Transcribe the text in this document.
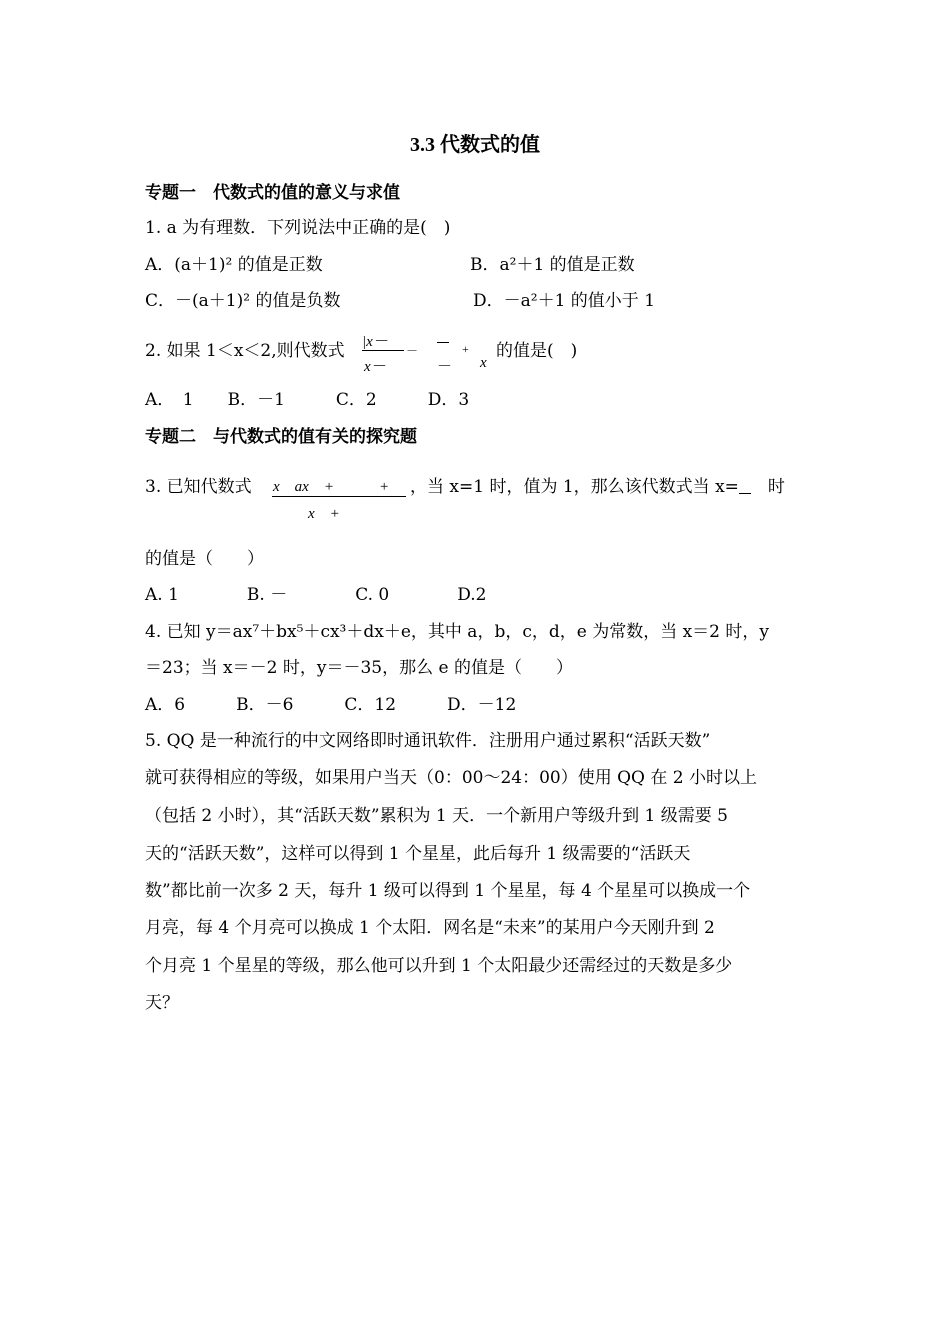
3.3 代数式的值
专题一　代数式的值的意义与求值
1. a 为有理数．下列说法中正确的是(　)
A．(a＋1)² 的值是正数	B．a²＋1 的值是正数
C．－(a＋1)² 的值是负数	D．－a²＋1 的值小于 1
2. 如果 1＜x＜2,则代数式 |x－
x－
－
－
+
x
的值是(　)
A．　1　　B．－1　　　C．2　　　D．3
专题二　与代数式的值有关的探究题
3. 已知代数式 x　ax　+　　　+
x　+
，当 x=1 时，值为 1，那么该代数式当 x=　 时
的值是（　　）
A. 1　　　　B. －　　　　C. 0　　　　D.2
4. 已知 y＝ax⁷＋bx⁵＋cx³＋dx＋e，其中 a，b，c，d，e 为常数，当 x＝2 时，y
＝23；当 x＝－2 时，y＝－35，那么 e 的值是（　　）
A．6　　　B．－6　　　C．12　　　D．－12
5. QQ 是一种流行的中文网络即时通讯软件．注册用户通过累积“活跃天数”
就可获得相应的等级，如果用户当天（0：00～24：00）使用 QQ 在 2 小时以上
（包括 2 小时），其“活跃天数”累积为 1 天．一个新用户等级升到 1 级需要 5
天的“活跃天数”，这样可以得到 1 个星星，此后每升 1 级需要的“活跃天
数”都比前一次多 2 天，每升 1 级可以得到 1 个星星，每 4 个星星可以换成一个
月亮，每 4 个月亮可以换成 1 个太阳．网名是“未来”的某用户今天刚升到 2
个月亮 1 个星星的等级，那么他可以升到 1 个太阳最少还需经过的天数是多少
天？
